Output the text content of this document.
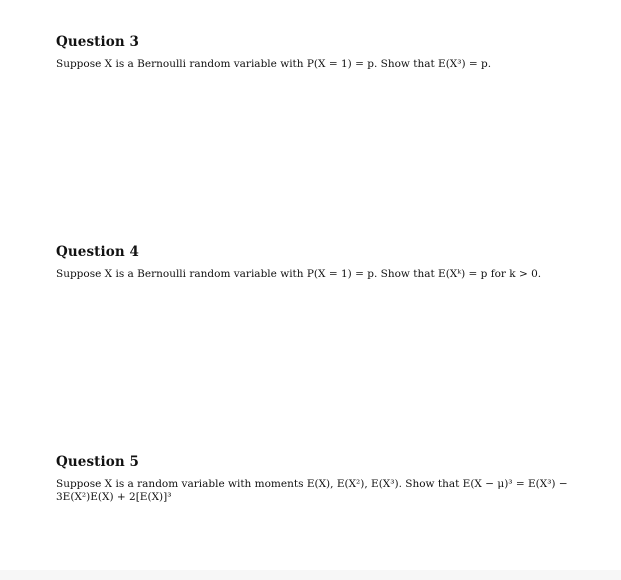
Question 3

Suppose X is a Bernoulli random variable with P(X = 1) = p. Show that E(X³) = p.

Question 4

Suppose X is a Bernoulli random variable with P(X = 1) = p. Show that E(Xᵏ) = p for k > 0.

Question 5

Suppose X is a random variable with moments E(X), E(X²), E(X³). Show that E(X − μ)³ = E(X³) −
3E(X²)E(X) + 2[E(X)]³
